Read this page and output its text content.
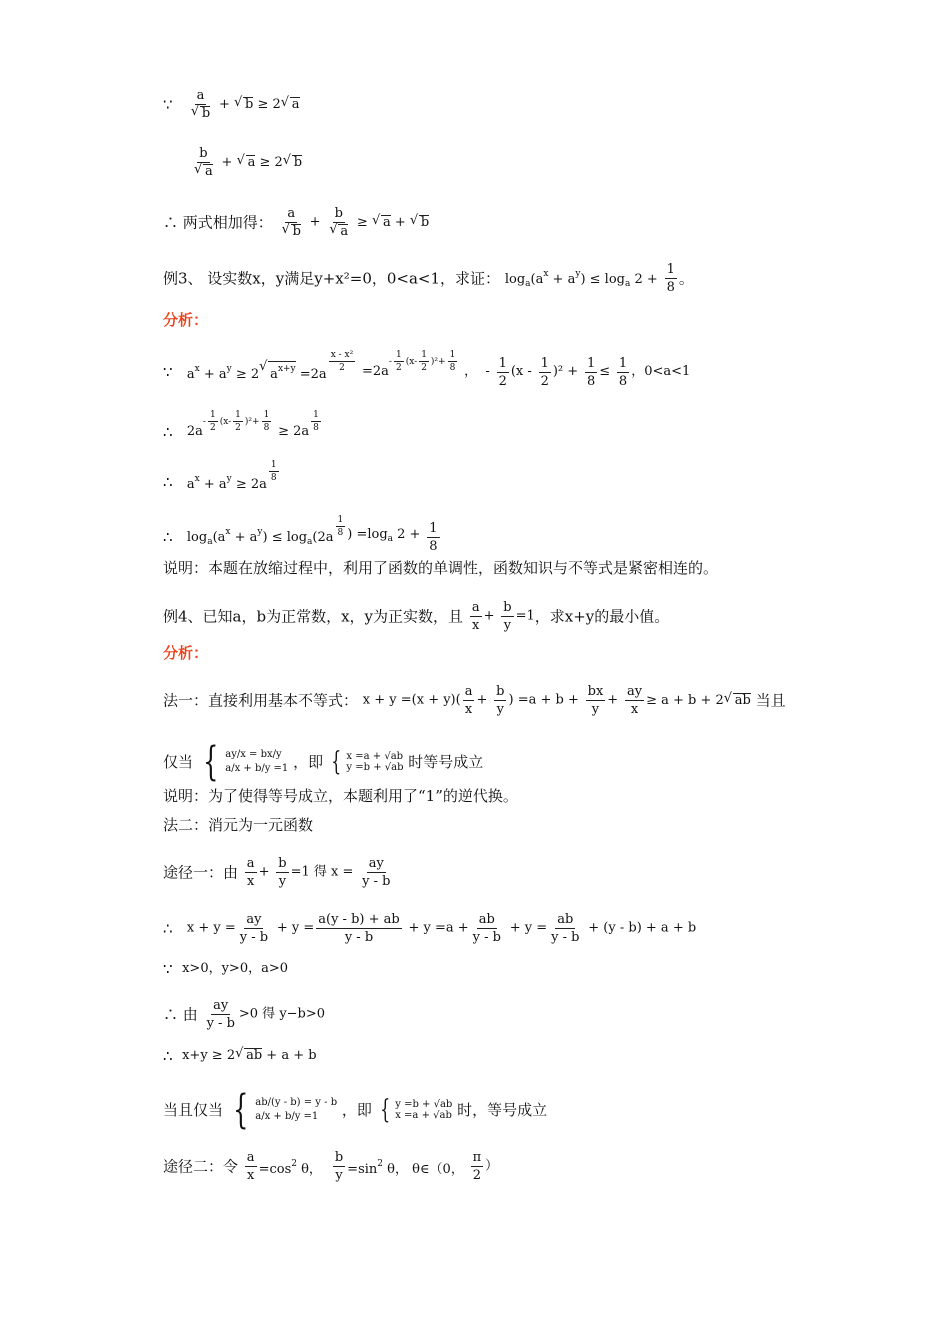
∵ a
√ b + √ b ≥ 2√ a
b
√ a + √ a ≥ 2√ b
∴ 两式相加得： a
√ b + b
√ a ≥ √ a + √ b
例3、 设实数x，y满足y+x²=0，0<a<1，求证： $\log_a(a^x + a^y) \le \log_a 2 + \frac{1}{8}$ 。
分析：
∵   $a^x + a^y \ge 2√$ $a^{x+y} =2a$
$\frac{\text{x - x²}}{2} =2a- \frac{1}{2} (x- \frac{1}{2} )^2+ \frac{1}{8}$ ，  - $\frac{1}{2} (x - \frac{1}{2} )^2 + \frac{1}{8} \le \frac{1}{8}$ ，0<a<1
∴   $2a- \frac{1}{2} (x- \frac{1}{2} )^2+ \frac{1}{8} \ge 2a \frac{1}{8}$
∴   $a^x + a^y \ge 2a$
$\frac{1}{8}$
∴   $\log_a(a^x + a^y) \le \log_a(2a \frac{1}{8}$ ) $=\log_a$ $2 + \frac{1}{8}$
说明：本题在放缩过程中，利用了函数的单调性，函数知识与不等式是紧密相连的。
例4、已知a，b为正常数，x，y为正实数，且 $\frac{a}{x} + \frac{b}{y} =1$，求x+y的最小值。
分析：
法一：直接利用基本不等式： $x + y =(x + y)( \frac{a}{x} + \frac{b}{y}$ ) $=a + b + \frac{bx}{y} + \frac{ay}{x} \ge a + b + 2√$ ab 当且
仅当 { ay/x = bx/y
a/x + b/y =1 ，即 { x =a + √ab
y =b + √ab 时等号成立
说明：为了使得等号成立，本题利用了“1”的逆代换。
法二：消元为一元函数
途径一：由 $\frac{a}{x} + \frac{b}{y} =1$ 得 $x = \frac{ay}{y - b}$
∴   $x + y = \frac{ay}{y - b} + y = \frac{a(y - b) + ab}{y - b} + y =a + \frac{ab}{y - b} + y = \frac{ab}{y - b} + (y - b) + a + b$
∵  x>0，y>0，a>0
∴ 由 $\frac{ay}{y - b} >0$ 得 y−b>0
∴  x+y ≥ 2√ ab + a + b
当且仅当 { ab/(y - b) = y - b
a/x + b/y =1	，即 { y =b + √ab
x =a + √ab 时，等号成立
途径二：令 $\frac{a}{x} =\cos^2$ θ， $\frac{b}{y} =\sin^2$ θ， θ∈（0， $\frac{\pi}{2}$ ）
